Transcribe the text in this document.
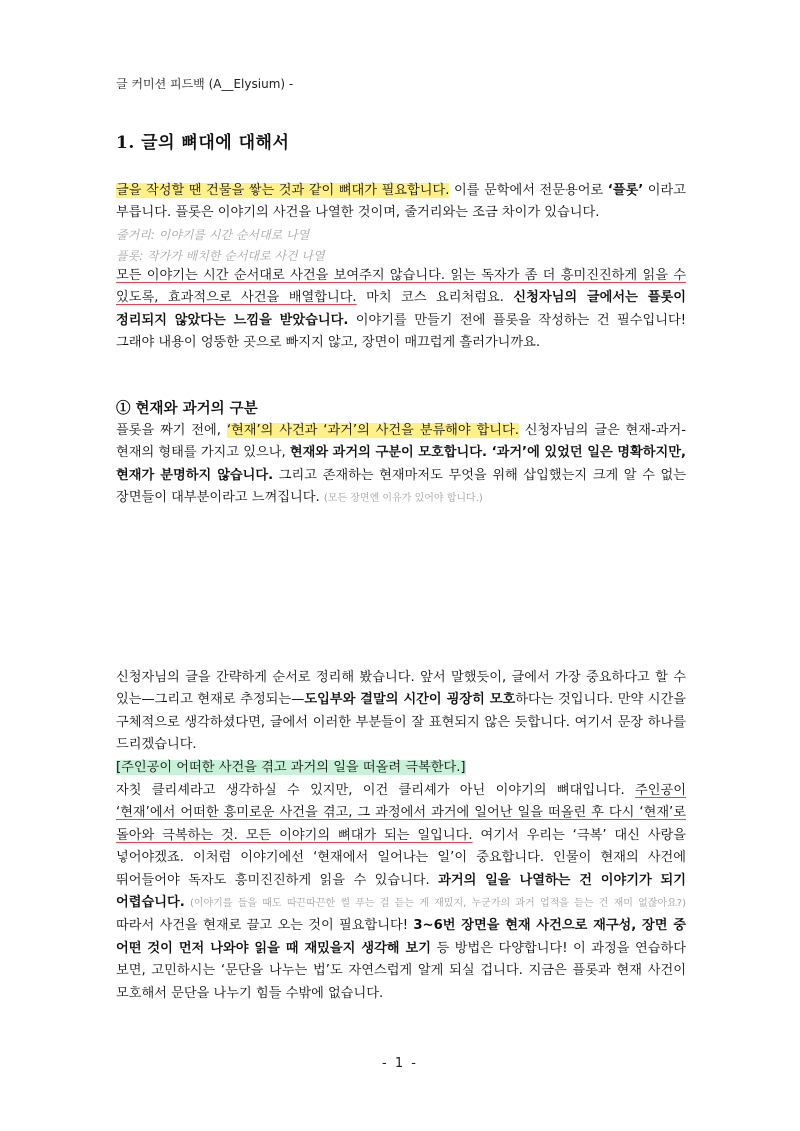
글 커미션 피드백 (A__Elysium) -
1. 글의 뼈대에 대해서
글을 작성할 땐 건물을 쌓는 것과 같이 뼈대가 필요합니다. 이를 문학에서 전문용어로 ‘플롯’ 이라고 부릅니다. 플롯은 이야기의 사건을 나열한 것이며, 줄거리와는 조금 차이가 있습니다.
줄거리: 이야기를 시간 순서대로 나열
플롯: 작가가 배치한 순서대로 사건 나열
모든 이야기는 시간 순서대로 사건을 보여주지 않습니다. 읽는 독자가 좀 더 흥미진진하게 읽을 수 있도록, 효과적으로 사건을 배열합니다. 마치 코스 요리처럼요. 신청자님의 글에서는 플롯이 정리되지 않았다는 느낌을 받았습니다. 이야기를 만들기 전에 플롯을 작성하는 건 필수입니다! 그래야 내용이 엉뚱한 곳으로 빠지지 않고, 장면이 매끄럽게 흘러가니까요.
① 현재와 과거의 구분
플롯을 짜기 전에, ‘현재’의 사건과 ‘과거’의 사건을 분류해야 합니다. 신청자님의 글은 현재-과거-현재의 형태를 가지고 있으나, 현재와 과거의 구분이 모호합니다. ‘과거’에 있었던 일은 명확하지만, 현재가 분명하지 않습니다. 그리고 존재하는 현재마저도 무엇을 위해 삽입했는지 크게 알 수 없는 장면들이 대부분이라고 느껴집니다. (모든 장면엔 이유가 있어야 합니다.)
신청자님의 글을 간략하게 순서로 정리해 봤습니다. 앞서 말했듯이, 글에서 가장 중요하다고 할 수 있는—그리고 현재로 추정되는—도입부와 결말의 시간이 굉장히 모호하다는 것입니다. 만약 시간을 구체적으로 생각하셨다면, 글에서 이러한 부분들이 잘 표현되지 않은 듯합니다. 여기서 문장 하나를 드리겠습니다.
[주인공이 어떠한 사건을 겪고 과거의 일을 떠올려 극복한다.]
자칫 클리셰라고 생각하실 수 있지만, 이건 클리셰가 아닌 이야기의 뼈대입니다. 주인공이 ‘현재’에서 어떠한 흥미로운 사건을 겪고, 그 과정에서 과거에 일어난 일을 떠올린 후 다시 ‘현재’로 돌아와 극복하는 것. 모든 이야기의 뼈대가 되는 일입니다. 여기서 우리는 ‘극복’ 대신 사랑을 넣어야겠죠. 이처럼 이야기에선 ‘현재에서 일어나는 일’이 중요합니다. 인물이 현재의 사건에 뛰어들어야 독자도 흥미진진하게 읽을 수 있습니다. 과거의 일을 나열하는 건 이야기가 되기 어렵습니다. (이야기를 들을 때도 따끈따끈한 썰 푸는 걸 듣는 게 재밌지, 누군가의 과거 업적을 듣는 건 재미 없잖아요?) 따라서 사건을 현재로 끌고 오는 것이 필요합니다! 3~6번 장면을 현재 사건으로 재구성, 장면 중 어떤 것이 먼저 나와야 읽을 때 재밌을지 생각해 보기 등 방법은 다양합니다! 이 과정을 연습하다 보면, 고민하시는 ‘문단을 나누는 법’도 자연스럽게 알게 되실 겁니다. 지금은 플롯과 현재 사건이 모호해서 문단을 나누기 힘들 수밖에 없습니다.
- 1 -
